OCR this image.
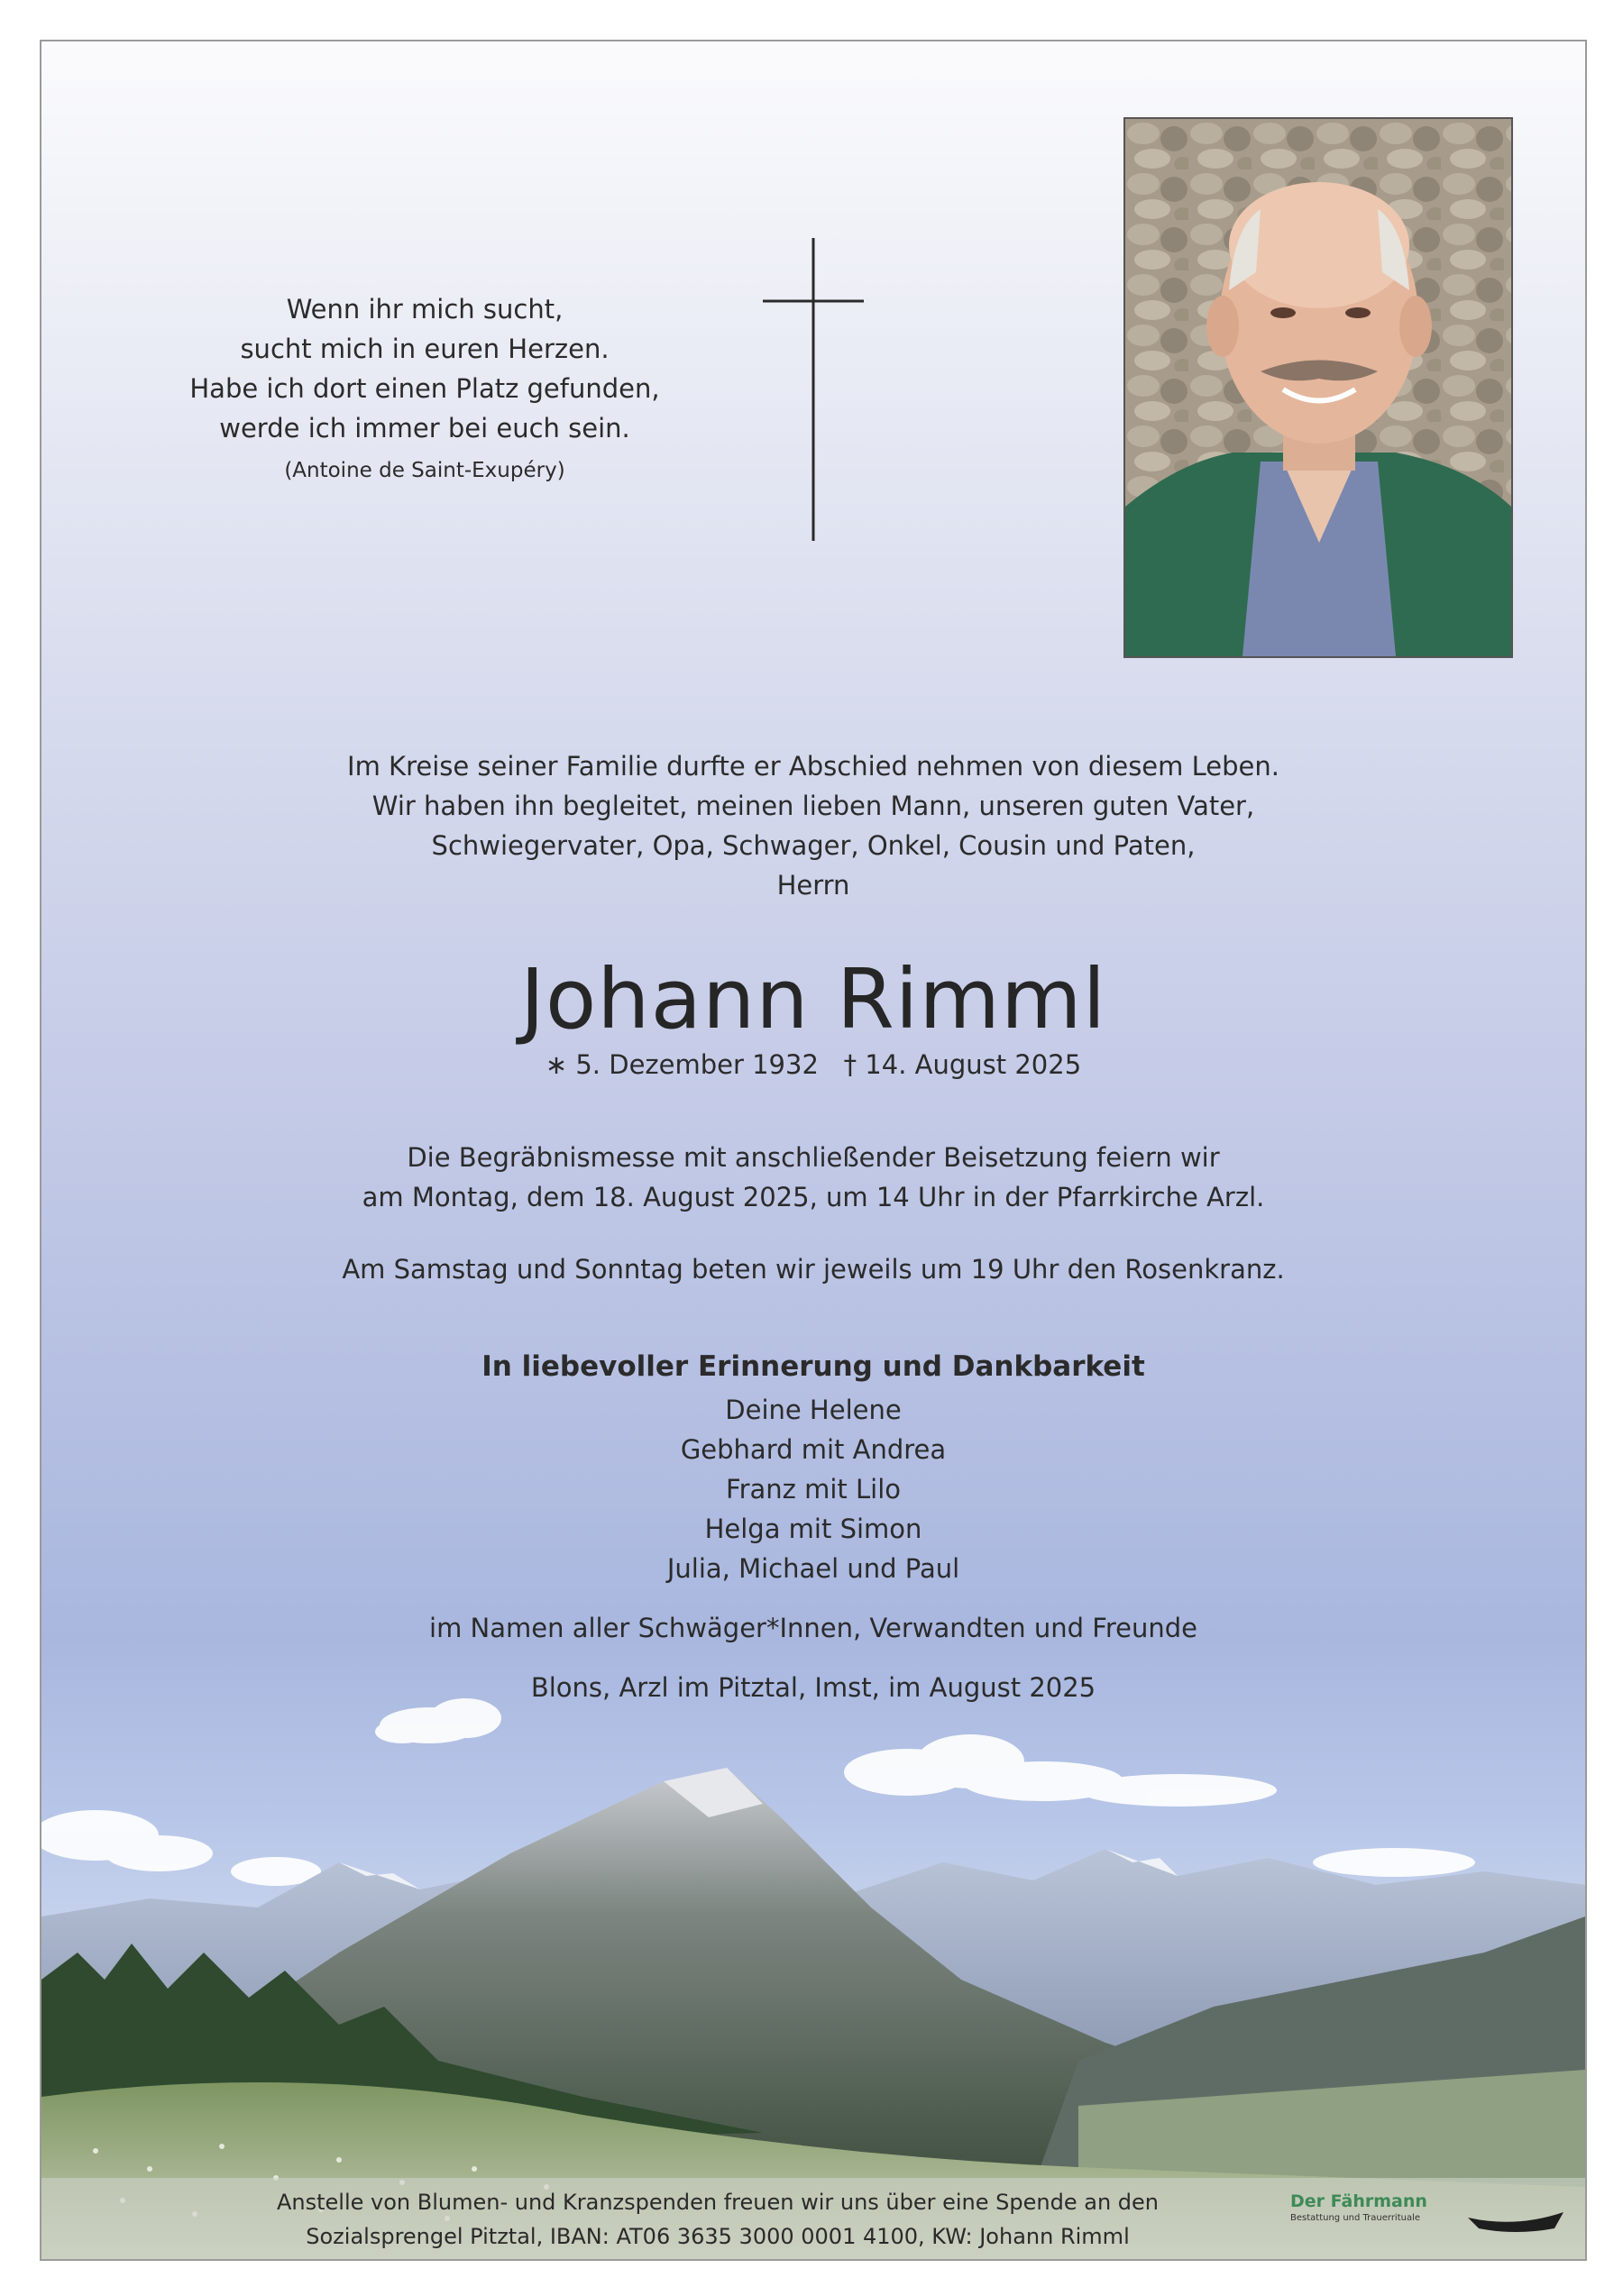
Wenn ihr mich sucht,
sucht mich in euren Herzen.
Habe ich dort einen Platz gefunden,
werde ich immer bei euch sein.
(Antoine de Saint-Exupéry)
Im Kreise seiner Familie durfte er Abschied nehmen von diesem Leben.
Wir haben ihn begleitet, meinen lieben Mann, unseren guten Vater,
Schwiegervater, Opa, Schwager, Onkel, Cousin und Paten,
Herrn
Johann Rimml
∗ 5. Dezember 1932 † 14. August 2025
Die Begräbnismesse mit anschließender Beisetzung feiern wir
am Montag, dem 18. August 2025, um 14 Uhr in der Pfarrkirche Arzl.
Am Samstag und Sonntag beten wir jeweils um 19 Uhr den Rosenkranz.
In liebevoller Erinnerung und Dankbarkeit
Deine Helene
Gebhard mit Andrea
Franz mit Lilo
Helga mit Simon
Julia, Michael und Paul
im Namen aller Schwäger*Innen, Verwandten und Freunde
Blons, Arzl im Pitztal, Imst, im August 2025
Anstelle von Blumen- und Kranzspenden freuen wir uns über eine Spende an den
Sozialsprengel Pitztal, IBAN: AT06 3635 3000 0001 4100, KW: Johann Rimml
Der Fährmann
Bestattung und Trauerrituale
